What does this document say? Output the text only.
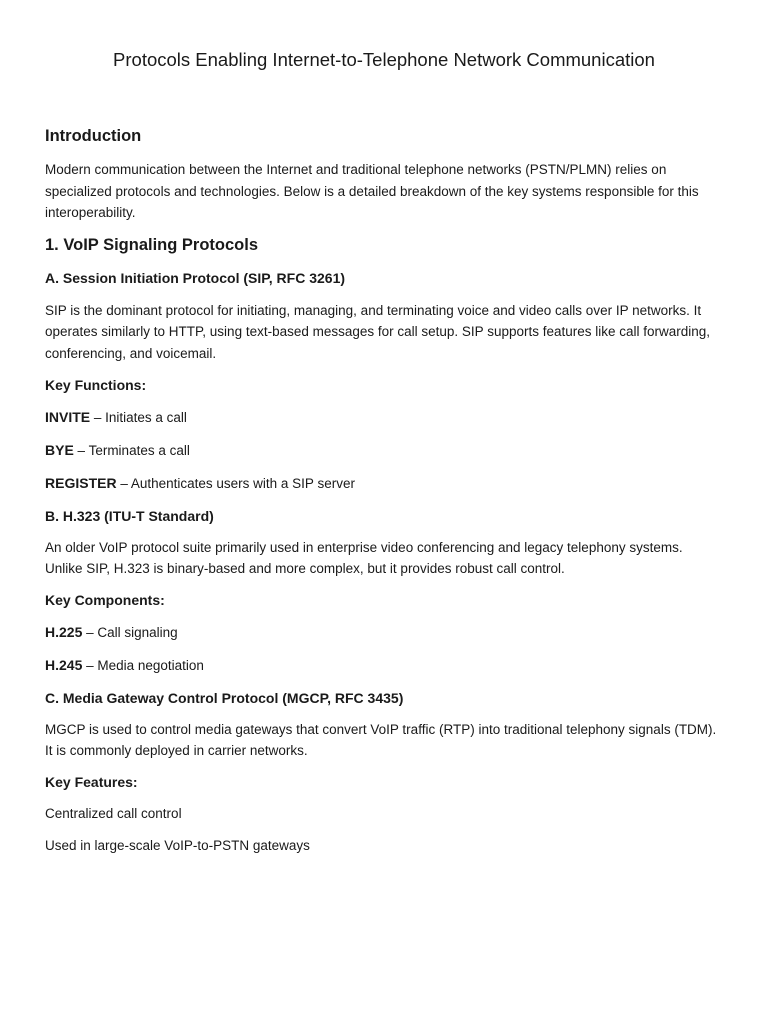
Protocols Enabling Internet-to-Telephone Network Communication
Introduction

Modern communication between the Internet and traditional telephone networks (PSTN/PLMN) relies on specialized protocols and technologies. Below is a detailed breakdown of the key systems responsible for this interoperability.

1. VoIP Signaling Protocols
A. Session Initiation Protocol (SIP, RFC 3261)

SIP is the dominant protocol for initiating, managing, and terminating voice and video calls over IP networks. It operates similarly to HTTP, using text-based messages for call setup. SIP supports features like call forwarding, conferencing, and voicemail.

Key Functions:

INVITE – Initiates a call

BYE – Terminates a call

REGISTER – Authenticates users with a SIP server

B. H.323 (ITU-T Standard)

An older VoIP protocol suite primarily used in enterprise video conferencing and legacy telephony systems. Unlike SIP, H.323 is binary-based and more complex, but it provides robust call control.

Key Components:

H.225 – Call signaling

H.245 – Media negotiation

C. Media Gateway Control Protocol (MGCP, RFC 3435)

MGCP is used to control media gateways that convert VoIP traffic (RTP) into traditional telephony signals (TDM). It is commonly deployed in carrier networks.

Key Features:

Centralized call control

Used in large-scale VoIP-to-PSTN gateways
